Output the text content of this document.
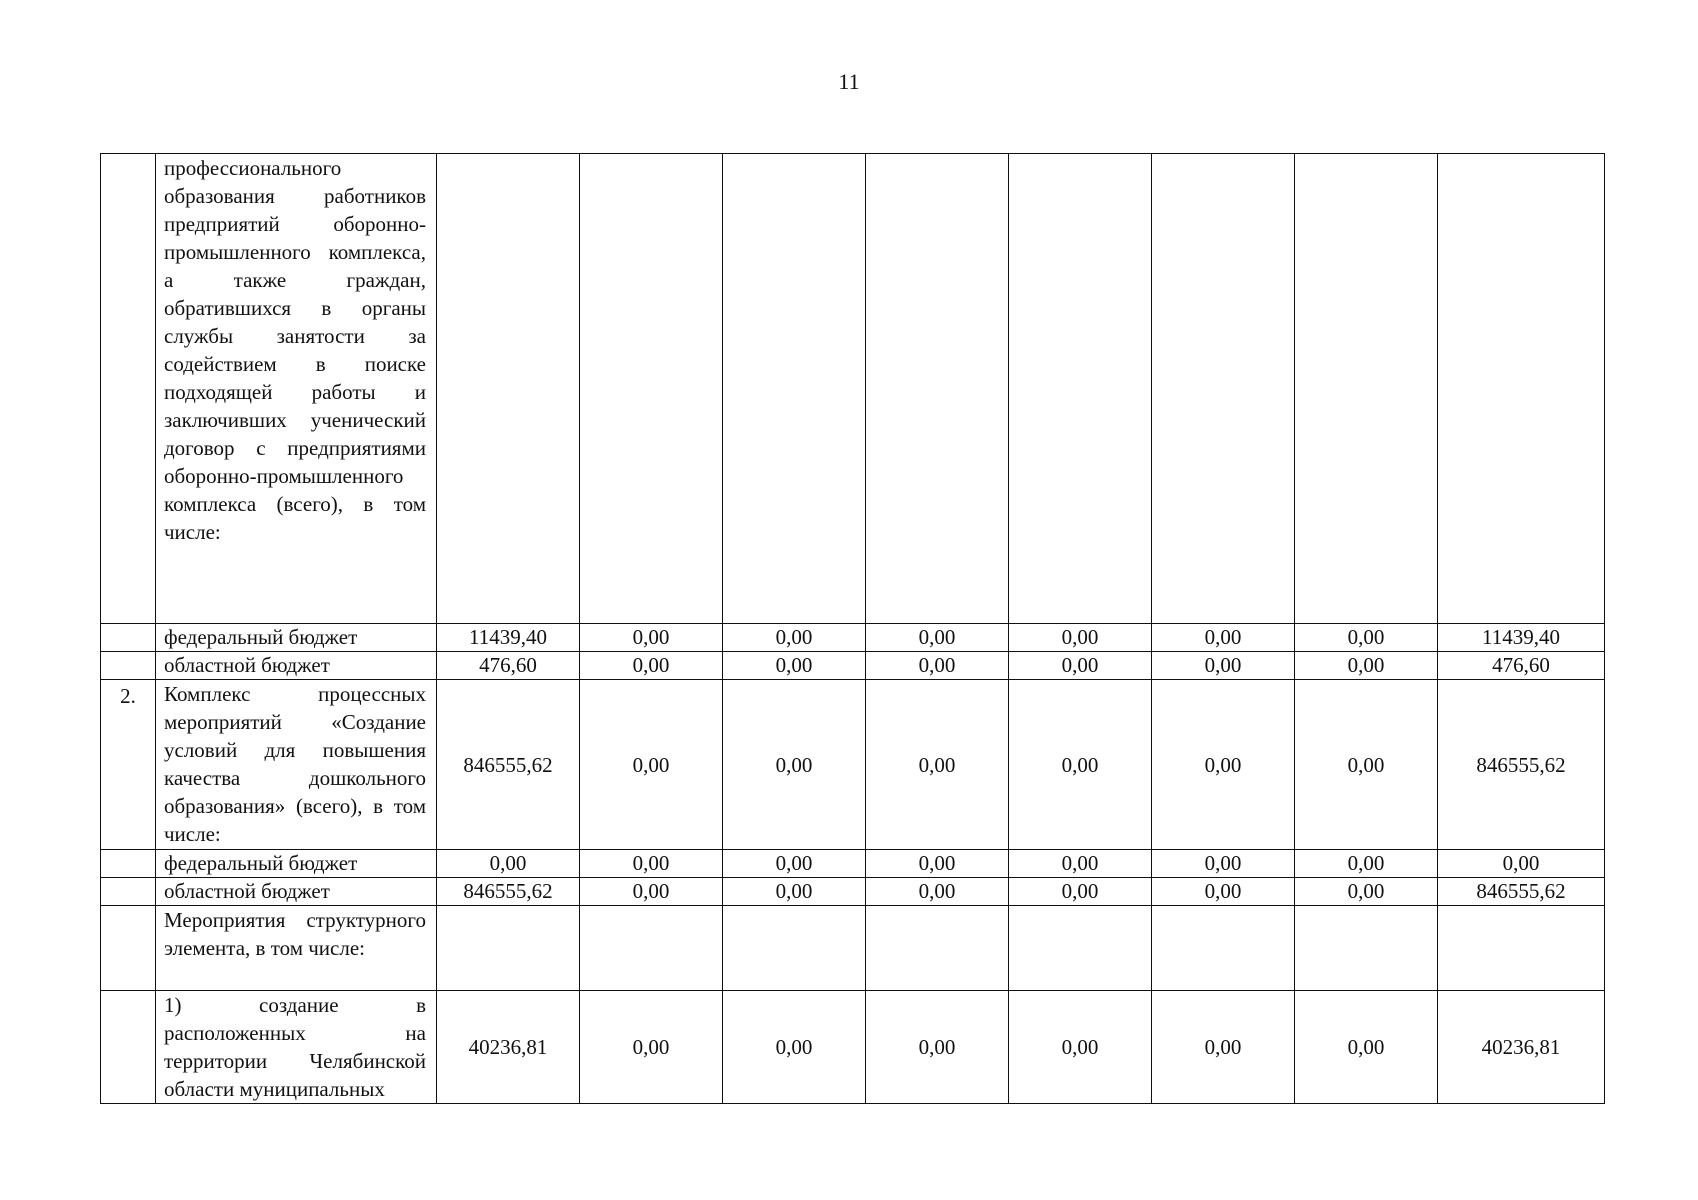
11
	профессионального образования работников предприятий оборонно-промышленного комплекса, а также граждан, обратившихся в органы службы занятости за содействием в поиске подходящей работы и заключивших ученический договор с предприятиями оборонно-промышленного комплекса (всего), в том числе:								
	федеральный бюджет	11439,40	0,00	0,00	0,00	0,00	0,00	0,00	11439,40
	областной бюджет	476,60	0,00	0,00	0,00	0,00	0,00	0,00	476,60
2.	Комплекс процессных мероприятий «Создание условий для повышения качества дошкольного образования» (всего), в том числе:	846555,62	0,00	0,00	0,00	0,00	0,00	0,00	846555,62
	федеральный бюджет	0,00	0,00	0,00	0,00	0,00	0,00	0,00	0,00
	областной бюджет	846555,62	0,00	0,00	0,00	0,00	0,00	0,00	846555,62
	Мероприятия структурного элемента, в том числе:								
	1) создание в расположенных на территории Челябинской области муниципальных	40236,81	0,00	0,00	0,00	0,00	0,00	0,00	40236,81
